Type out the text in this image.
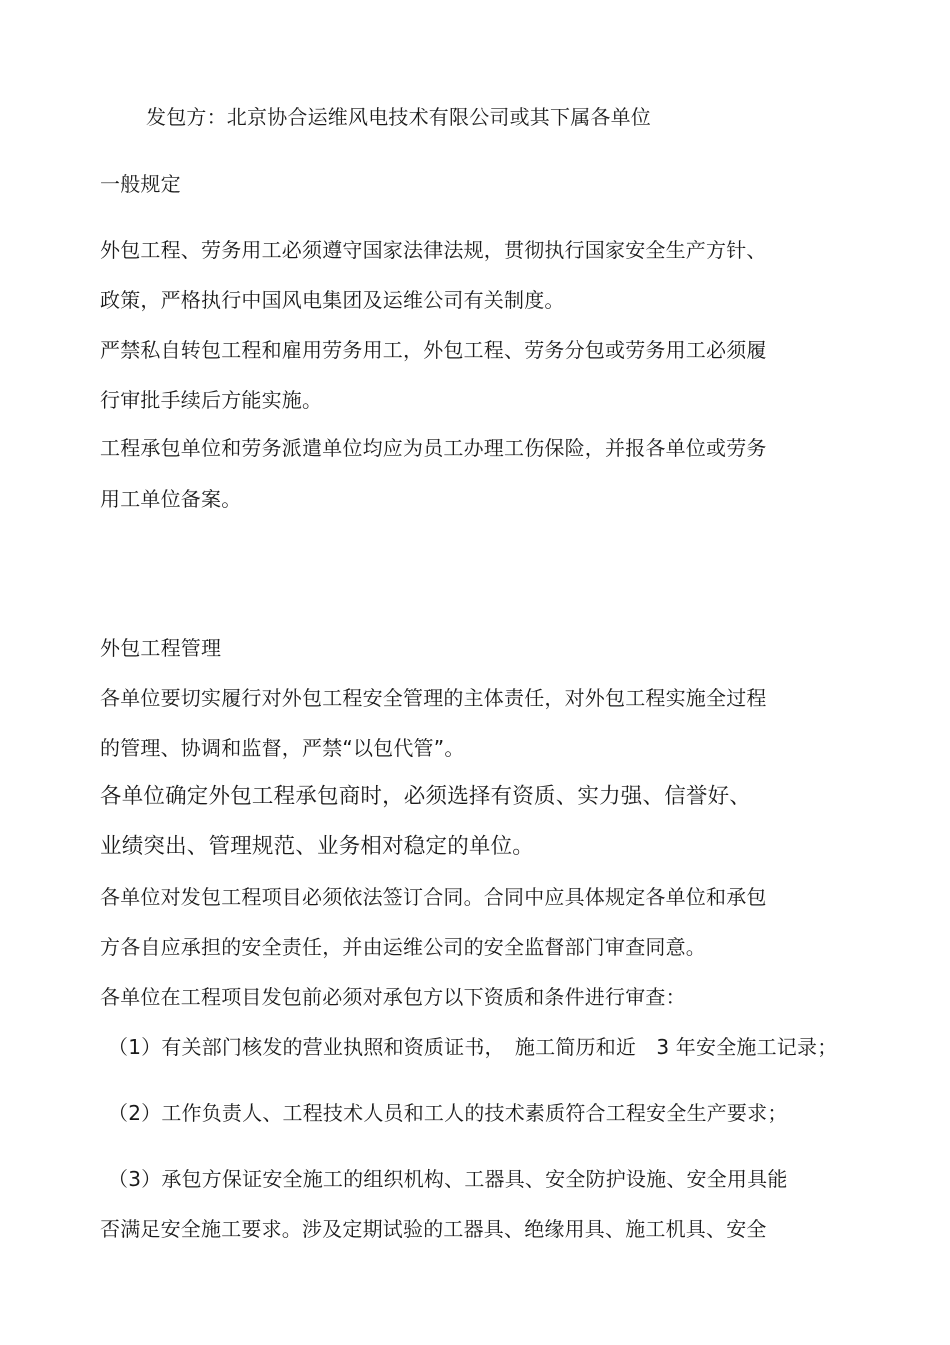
发包方：北京协合运维风电技术有限公司或其下属各单位
一般规定
外包工程、劳务用工必须遵守国家法律法规，贯彻执行国家安全生产方针、
政策，严格执行中国风电集团及运维公司有关制度。
严禁私自转包工程和雇用劳务用工，外包工程、劳务分包或劳务用工必须履
行审批手续后方能实施。
工程承包单位和劳务派遣单位均应为员工办理工伤保险，并报各单位或劳务
用工单位备案。
外包工程管理
各单位要切实履行对外包工程安全管理的主体责任，对外包工程实施全过程
的管理、协调和监督，严禁“以包代管”。
各单位确定外包工程承包商时，必须选择有资质、实力强、信誉好、
业绩突出、管理规范、业务相对稳定的单位。
各单位对发包工程项目必须依法签订合同。合同中应具体规定各单位和承包
方各自应承担的安全责任，并由运维公司的安全监督部门审查同意。
各单位在工程项目发包前必须对承包方以下资质和条件进行审查：
（1）有关部门核发的营业执照和资质证书，　施工简历和近　3 年安全施工记录；
（2）工作负责人、工程技术人员和工人的技术素质符合工程安全生产要求；
（3）承包方保证安全施工的组织机构、工器具、安全防护设施、安全用具能
否满足安全施工要求。涉及定期试验的工器具、绝缘用具、施工机具、安全
